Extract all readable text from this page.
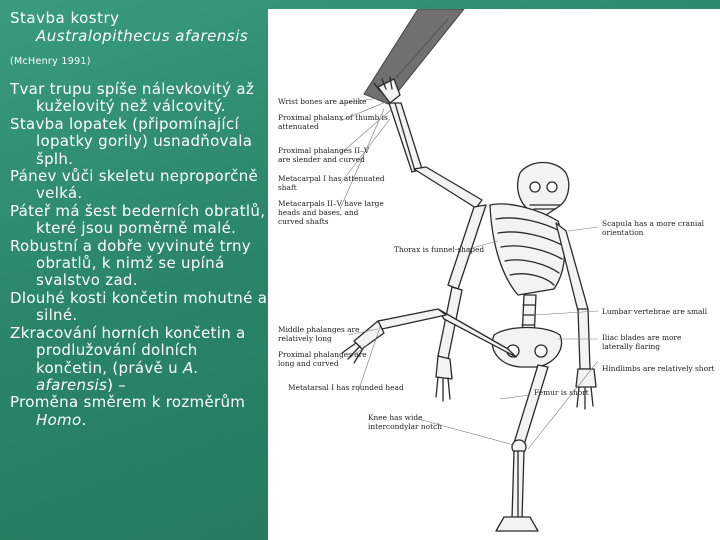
Stavba kostry
Australopithecus afarensis
(McHenry 1991)

Tvar trupu spíše nálevkovitý až kuželovitý než válcovitý.

Stavba lopatek (připomínající lopatky gorily) usnadňovala šplh.

Pánev vůči skeletu neproporčně velká.

Páteř má šest bederních obratlů, které jsou poměrně malé.

Robustní a dobře vyvinuté trny obratlů, k nimž se upíná svalstvo zad.

Dlouhé kosti končetin mohutné a silné.

Zkracování horních končetin a prodlužování dolních končetin, (právě u A. afarensis) –

Proměna směrem k rozměrům Homo.

Wrist bones are apelike
Proximal phalanx of thumb is attenuated
Proximal phalanges II–V are slender and curved
Metacarpal I has attenuated shaft
Metacarpals II–V have large heads and bases, and curved shafts	Scapula has a more cranial orientation
Thorax is funnel-shaped
Lumbar vertebrae are small
Iliac blades are more laterally flaring
Hindlimbs are relatively short
Middle phalanges are relatively long
Proximal phalanges are long and curved
Metatarsal I has rounded head
Femur is short
Knee has wide intercondylar notch
